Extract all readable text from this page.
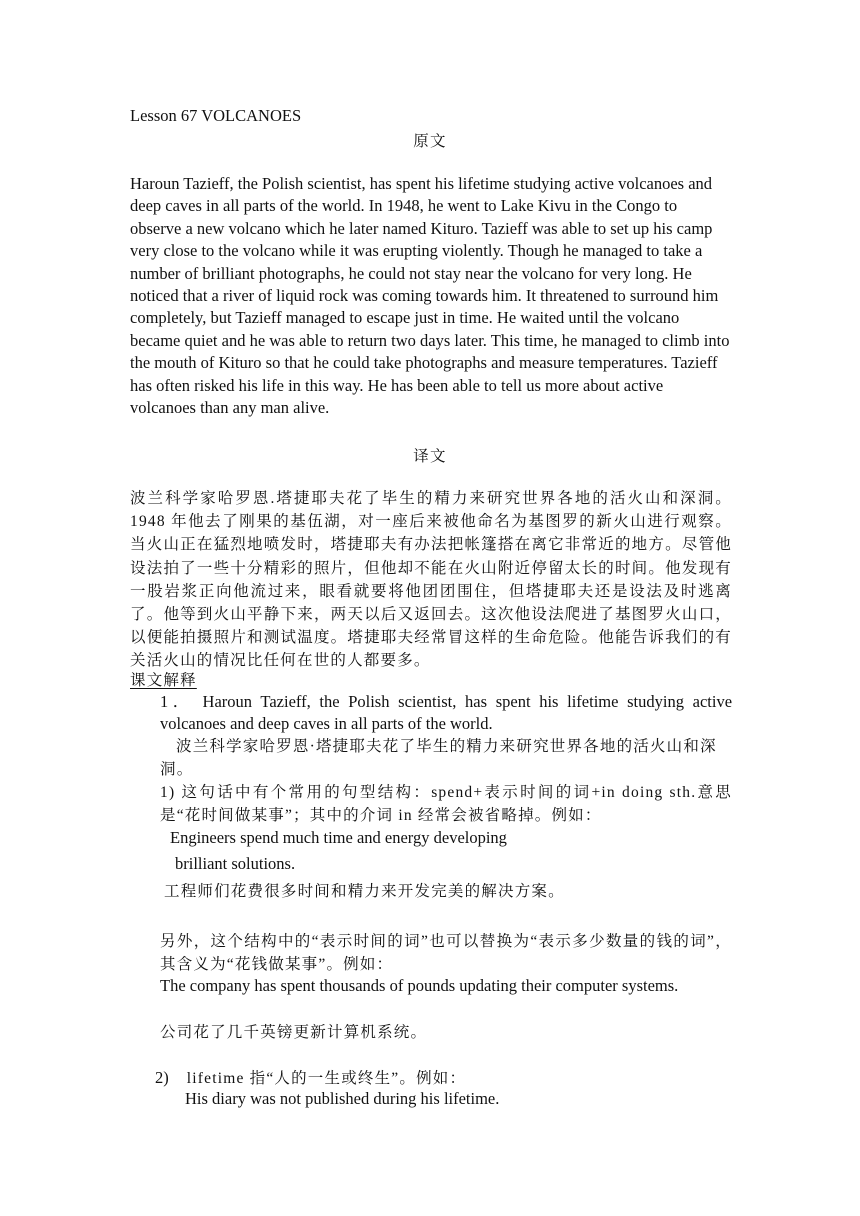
Lesson 67 VOLCANOES
原文

Haroun Tazieff, the Polish scientist, has spent his lifetime studying active volcanoes and deep caves in all parts of the world. In 1948, he went to Lake Kivu in the Congo to observe a new volcano which he later named Kituro. Tazieff was able to set up his camp very close to the volcano while it was erupting violently. Though he managed to take a number of brilliant photographs, he could not stay near the volcano for very long. He noticed that a river of liquid rock was coming towards him. It threatened to surround him completely, but Tazieff managed to escape just in time. He waited until the volcano became quiet and he was able to return two days later. This time, he managed to climb into the mouth of Kituro so that he could take photographs and measure temperatures. Tazieff has often risked his life in this way. He has been able to tell us more about active volcanoes than any man alive.

译文

波兰科学家哈罗恩.塔捷耶夫花了毕生的精力来研究世界各地的活火山和深洞。1948 年他去了刚果的基伍湖，对一座后来被他命名为基图罗的新火山进行观察。当火山正在猛烈地喷发时，塔捷耶夫有办法把帐篷搭在离它非常近的地方。尽管他设法拍了一些十分精彩的照片，但他却不能在火山附近停留太长的时间。他发现有一股岩浆正向他流过来，眼看就要将他团团围住，但塔捷耶夫还是设法及时逃离了。他等到火山平静下来，两天以后又返回去。这次他设法爬进了基图罗火山口，以便能拍摄照片和测试温度。塔捷耶夫经常冒这样的生命危险。他能告诉我们的有关活火山的情况比任何在世的人都要多。

课文解释

1． Haroun Tazieff, the Polish scientist, has spent his lifetime studying active volcanoes and deep caves in all parts of the world.

波兰科学家哈罗恩·塔捷耶夫花了毕生的精力来研究世界各地的活火山和深洞。

1) 这句话中有个常用的句型结构：spend+表示时间的词+in doing sth.意思是“花时间做某事”；其中的介词 in 经常会被省略掉。例如：

Engineers spend much time and energy developing
brilliant solutions.
工程师们花费很多时间和精力来开发完美的解决方案。

另外，这个结构中的“表示时间的词”也可以替换为“表示多少数量的钱的词”，其含义为“花钱做某事”。例如：

The company has spent thousands of pounds updating their computer systems.

公司花了几千英镑更新计算机系统。
2) lifetime 指“人的一生或终生”。例如：
His diary was not published during his lifetime.
